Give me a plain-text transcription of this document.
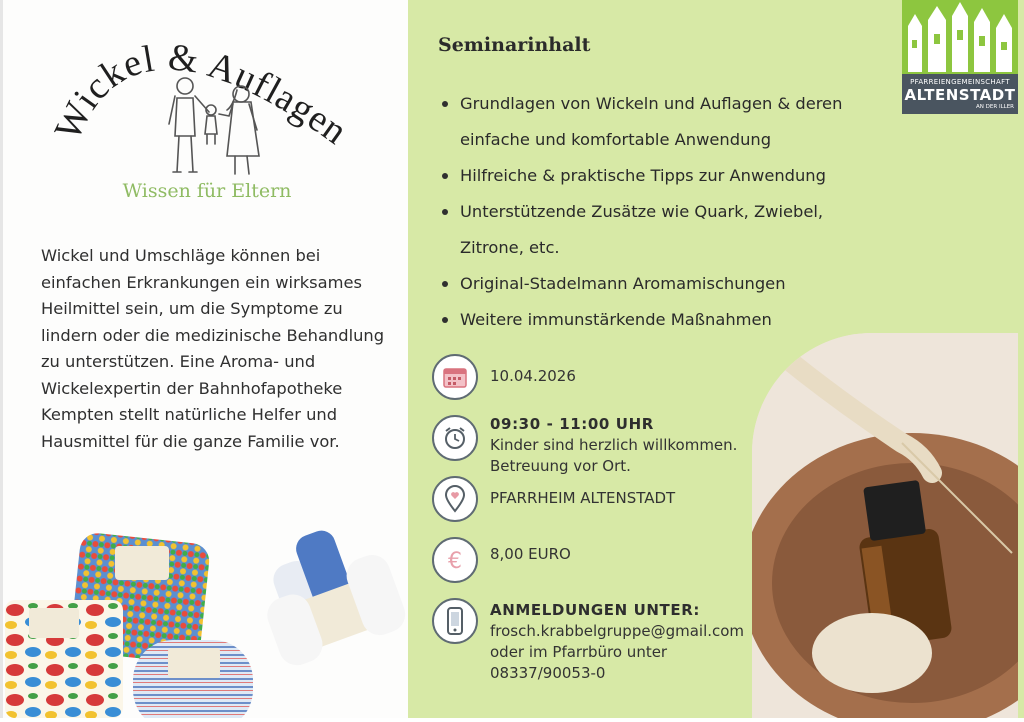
Wickel & Auflagen
Wissen für Eltern
Wickel und Umschläge können bei einfachen Erkrankungen ein wirksames Heilmittel sein, um die Symptome zu lindern oder die medizinische Behandlung zu unterstützen. Eine Aroma- und Wickelexpertin der Bahnhofapotheke Kempten stellt natürliche Helfer und Hausmittel für die ganze Familie vor.
Seminarinhalt
Grundlagen von Wickeln und Auflagen & deren einfache und komfortable Anwendung
Hilfreiche & praktische Tipps zur Anwendung
Unterstützende Zusätze wie Quark, Zwiebel, Zitrone, etc.
Original-Stadelmann Aromamischungen
Weitere immunstärkende Maßnahmen
PFARREIENGEMEINSCHAFT
ALTENSTADT
AN DER ILLER
€
10.04.2026
09:30 - 11:00 UHR
Kinder sind herzlich willkommen.
Betreuung vor Ort.
PFARRHEIM ALTENSTADT
8,00 EURO
ANMELDUNGEN UNTER:
frosch.krabbelgruppe@gmail.com
oder im Pfarrbüro unter
08337/90053-0
